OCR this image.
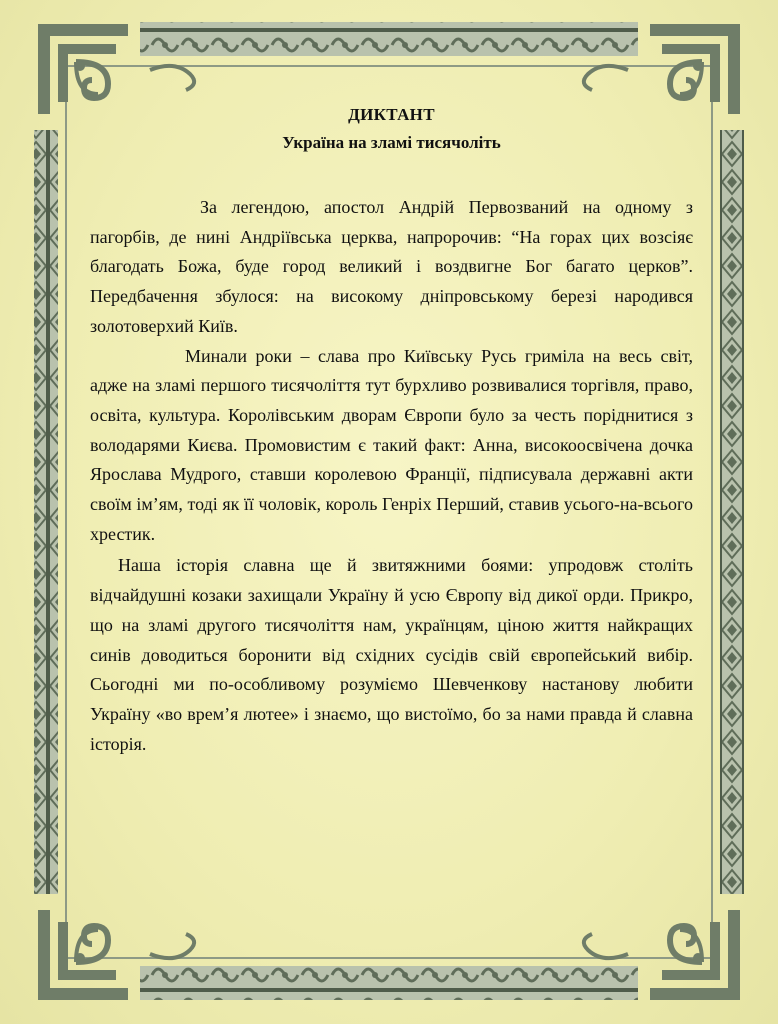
ДИКТАНТ

Україна на зламі тисячоліть

За легендою, апостол Андрій Первозваний на одному з пагорбів, де нині Андріївська церква, напророчив: “На горах цих возсіяє благодать Божа, буде город великий і воздвигне Бог багато церков”. Передбачення збулося: на високому дніпровському березі народився золотоверхий Київ.

Минали роки – слава про Київську Русь гриміла на весь світ, адже на зламі першого тисячоліття тут бурхливо розвивалися торгівля, право, освіта, культура. Королівським дворам Європи було за честь поріднитися з володарями Києва. Промовистим є такий факт: Анна, високоосвічена дочка Ярослава Мудрого, ставши королевою Франції, підписувала державні акти своїм ім’ям, тоді як її чоловік, король Генріх Перший, ставив усього-на-всього хрестик.

Наша історія славна ще й звитяжними боями: упродовж століть відчайдушні козаки захищали Україну й усю Європу від дикої орди. Прикро, що на зламі другого тисячоліття нам, українцям, ціною життя найкращих синів доводиться боронити від східних сусідів свій європейський вибір. Сьогодні ми по-особливому розуміємо Шевченкову настанову любити Україну «во врем’я лютее» і знаємо, що вистоїмо, бо за нами правда й славна історія.
